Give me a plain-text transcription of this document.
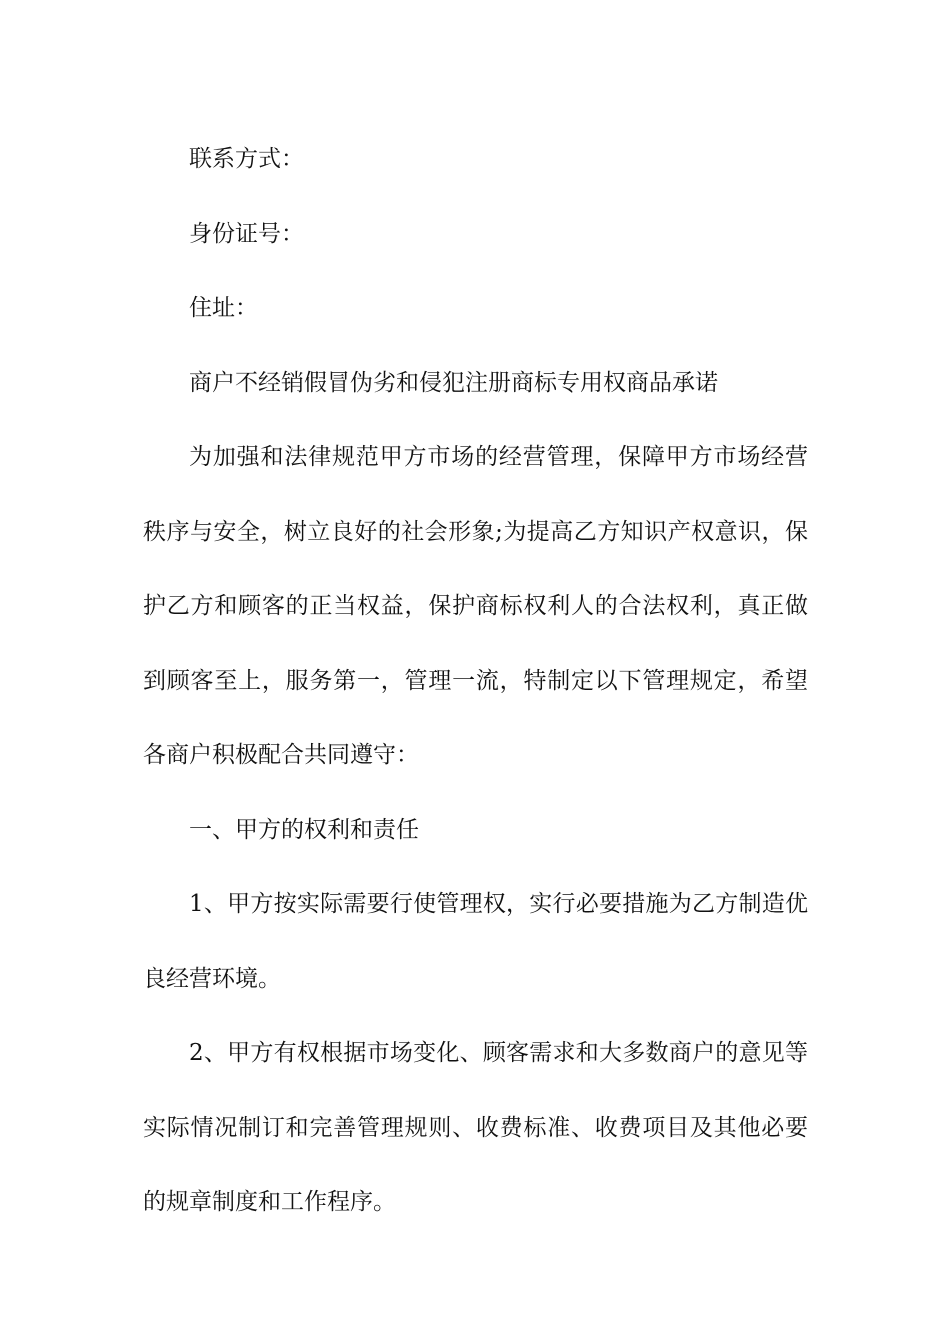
联系方式：

身份证号：

住址：

商户不经销假冒伪劣和侵犯注册商标专用权商品承诺

为加强和法律规范甲方市场的经营管理，保障甲方市场经营秩序与安全，树立良好的社会形象;为提高乙方知识产权意识，保护乙方和顾客的正当权益，保护商标权利人的合法权利，真正做到顾客至上，服务第一，管理一流，特制定以下管理规定，希望各商户积极配合共同遵守：

一、甲方的权利和责任

1、甲方按实际需要行使管理权，实行必要措施为乙方制造优良经营环境。

2、甲方有权根据市场变化、顾客需求和大多数商户的意见等实际情况制订和完善管理规则、收费标准、收费项目及其他必要的规章制度和工作程序。
